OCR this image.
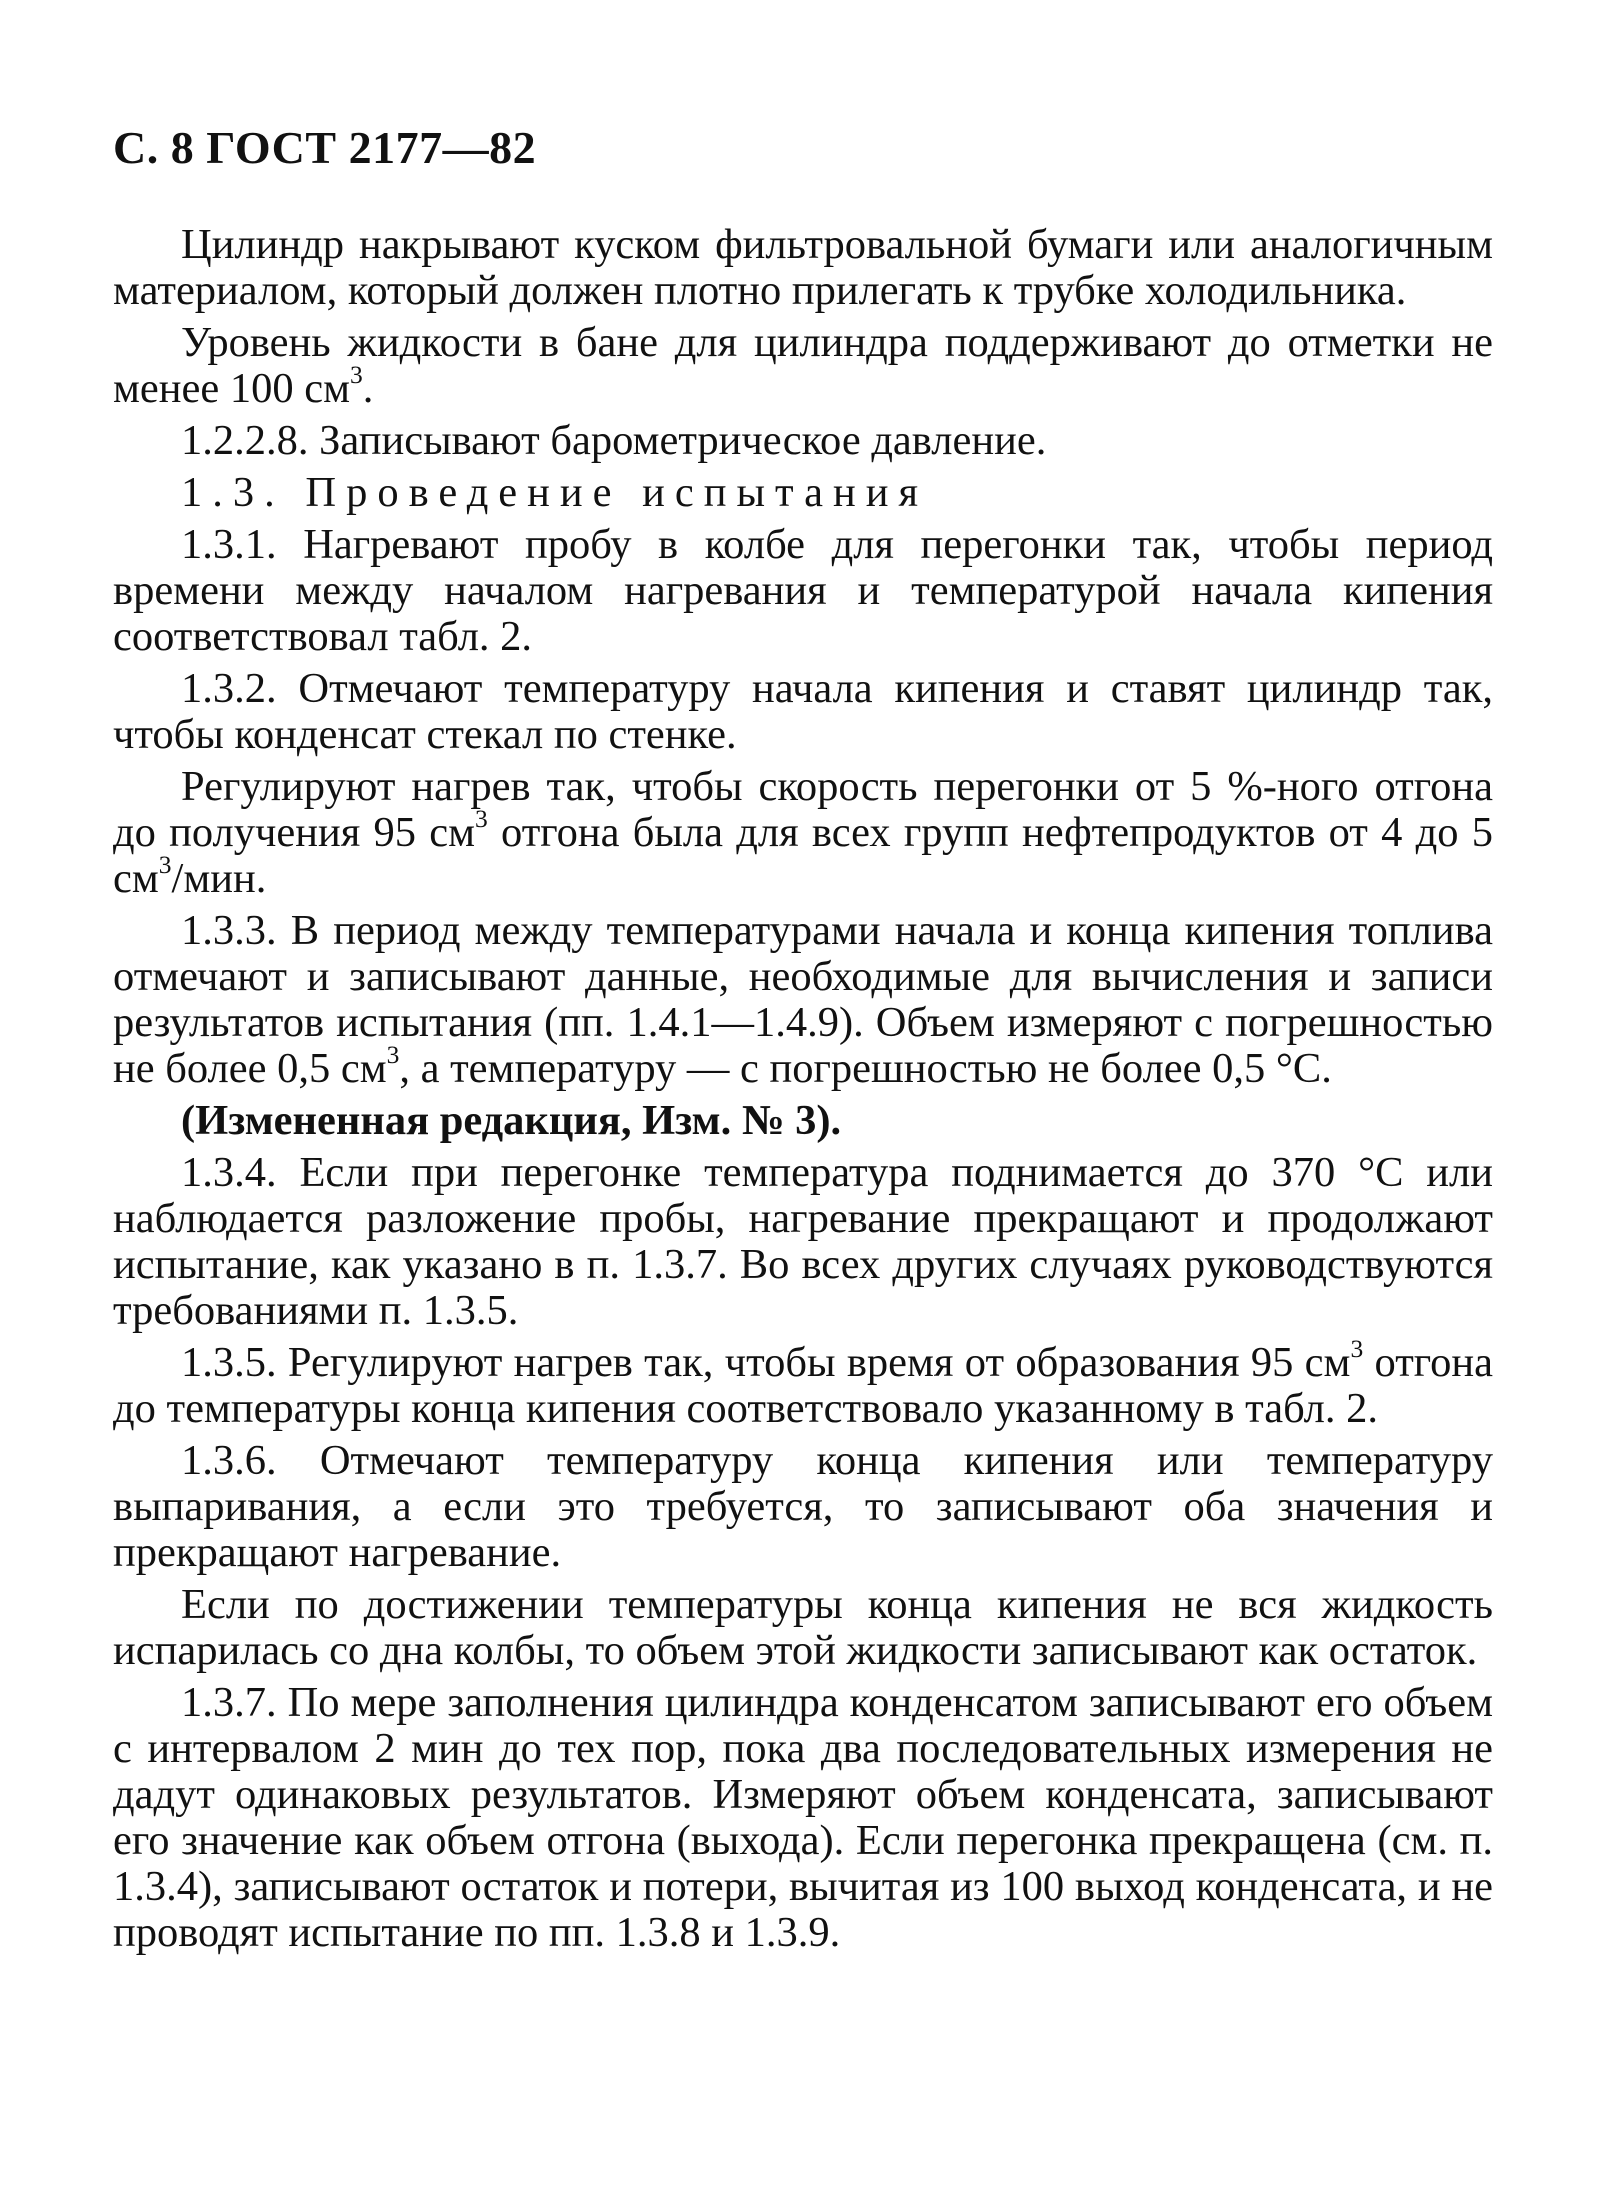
С. 8 ГОСТ 2177—82

Цилиндр накрывают куском фильтровальной бумаги или аналогичным материалом, который должен плотно прилегать к трубке холодильника.

Уровень жидкости в бане для цилиндра поддерживают до отметки не менее 100 $см^3$.

1.2.2.8. Записывают барометрическое давление.

1.3. Проведение испытания

1.3.1. Нагревают пробу в колбе для перегонки так, чтобы период времени между началом нагревания и температурой начала кипения соответствовал табл. 2.

1.3.2. Отмечают температуру начала кипения и ставят цилиндр так, чтобы конденсат стекал по стенке.

Регулируют нагрев так, чтобы скорость перегонки от 5 %-ного отгона до получения 95 $см^3$ отгона была для всех групп нефтепродуктов от 4 до 5 $см^3$/мин.

1.3.3. В период между температурами начала и конца кипения топлива отмечают и записывают данные, необходимые для вычисления и записи результатов испытания (пп. 1.4.1—1.4.9). Объем измеряют с погрешностью не более 0,5 $см^3$, а температуру — с погрешностью не более 0,5 °С.

(Измененная редакция, Изм. № 3).

1.3.4. Если при перегонке температура поднимается до 370 °С или наблюдается разложение пробы, нагревание прекращают и продолжают испытание, как указано в п. 1.3.7. Во всех других случаях руководствуются требованиями п. 1.3.5.

1.3.5. Регулируют нагрев так, чтобы время от образования 95 $см^3$ отгона до температуры конца кипения соответствовало указанному в табл. 2.

1.3.6. Отмечают температуру конца кипения или температуру выпаривания, а если это требуется, то записывают оба значения и прекращают нагревание.

Если по достижении температуры конца кипения не вся жидкость испарилась со дна колбы, то объем этой жидкости записывают как остаток.

1.3.7. По мере заполнения цилиндра конденсатом записывают его объем с интервалом 2 мин до тех пор, пока два последовательных измерения не дадут одинаковых результатов. Измеряют объем конденсата, записывают его значение как объем отгона (выхода). Если перегонка прекращена (см. п. 1.3.4), записывают остаток и потери, вычитая из 100 выход конденсата, и не проводят испытание по пп. 1.3.8 и 1.3.9.
